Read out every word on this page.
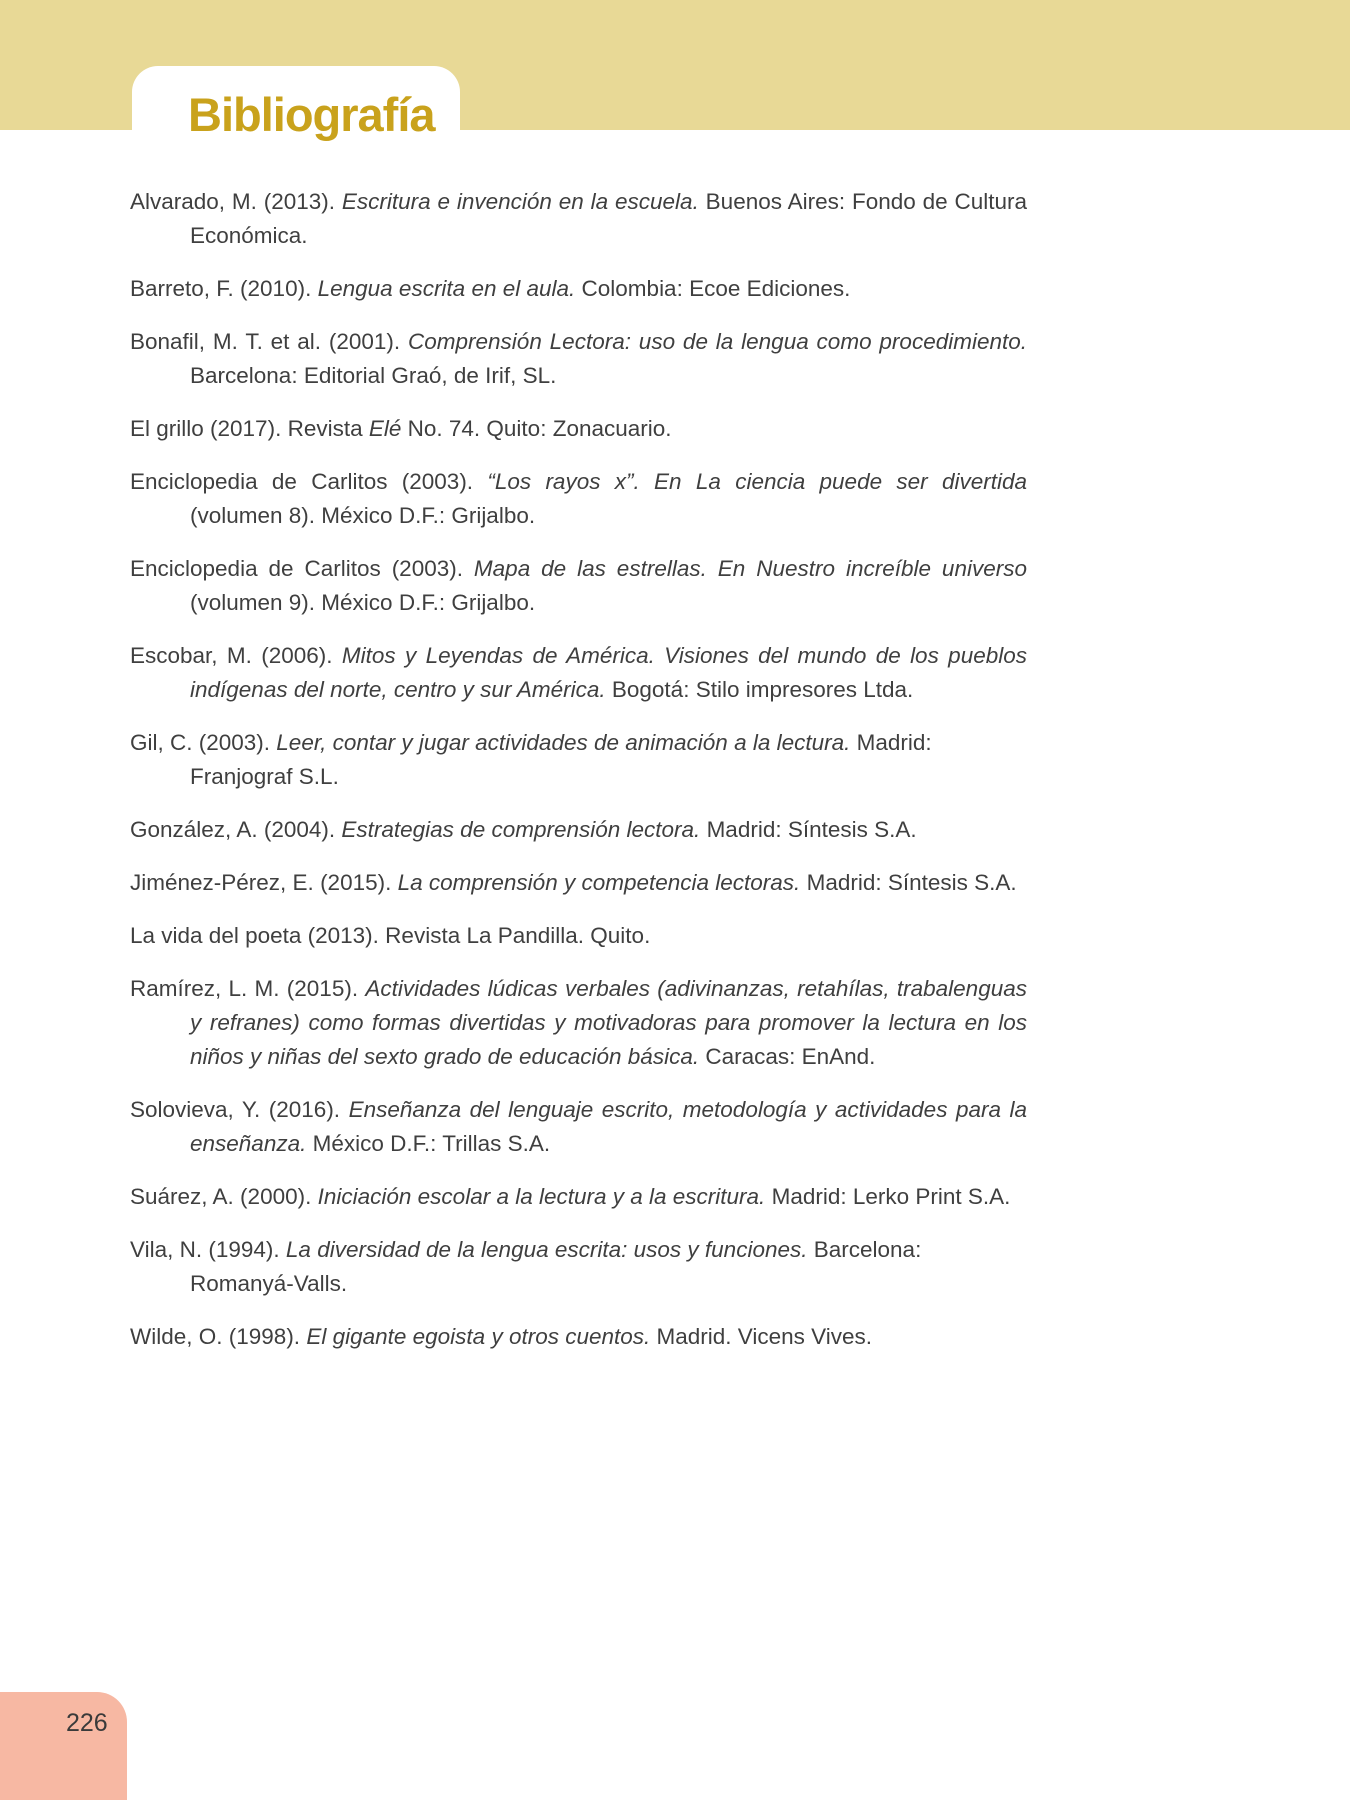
Bibliografía

Alvarado, M. (2013). Escritura e invención en la escuela. Buenos Aires: Fondo de Cultura Económica.

Barreto, F. (2010). Lengua escrita en el aula. Colombia: Ecoe Ediciones.

Bonafil, M. T. et al. (2001). Comprensión Lectora: uso de la lengua como procedimiento. Barcelona: Editorial Graó, de Irif, SL.

El grillo (2017). Revista Elé No. 74. Quito: Zonacuario.

Enciclopedia de Carlitos (2003). “Los rayos x”. En La ciencia puede ser divertida (volumen 8). México D.F.: Grijalbo.

Enciclopedia de Carlitos (2003). Mapa de las estrellas. En Nuestro increíble universo (volumen 9). México D.F.: Grijalbo.

Escobar, M. (2006). Mitos y Leyendas de América. Visiones del mundo de los pueblos indígenas del norte, centro y sur América. Bogotá: Stilo impresores Ltda.

Gil, C. (2003). Leer, contar y jugar actividades de animación a la lectura. Madrid: Franjograf S.L.

González, A. (2004). Estrategias de comprensión lectora. Madrid: Síntesis S.A.

Jiménez-Pérez, E. (2015). La comprensión y competencia lectoras. Madrid: Síntesis S.A.

La vida del poeta (2013). Revista La Pandilla. Quito.

Ramírez, L. M. (2015). Actividades lúdicas verbales (adivinanzas, retahílas, trabalenguas y refranes) como formas divertidas y motivadoras para promover la lectura en los niños y niñas del sexto grado de educación básica. Caracas: EnAnd.

Solovieva, Y. (2016). Enseñanza del lenguaje escrito, metodología y actividades para la enseñanza. México D.F.: Trillas S.A.

Suárez, A. (2000). Iniciación escolar a la lectura y a la escritura. Madrid: Lerko Print S.A.

Vila, N. (1994). La diversidad de la lengua escrita: usos y funciones. Barcelona: Romanyá-Valls.

Wilde, O. (1998). El gigante egoista y otros cuentos. Madrid. Vicens Vives.

226
